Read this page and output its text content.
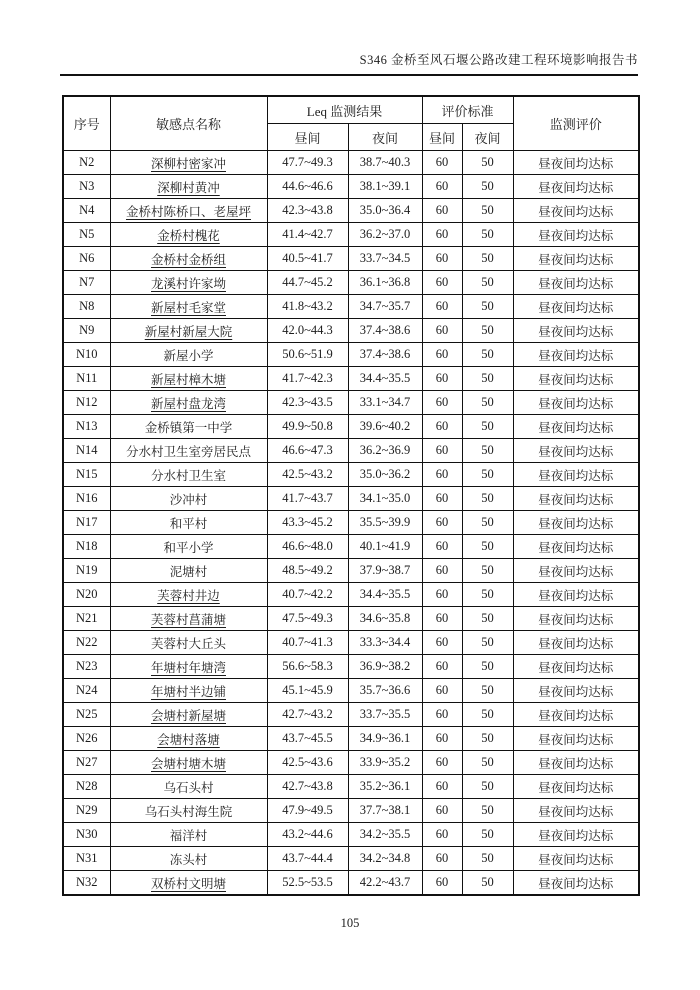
S346 金桥至风石堰公路改建工程环境影响报告书
序号	敏感点名称	Leq 监测结果		评价标准		监测评价
		昼间	夜间	昼间	夜间	
N2	深柳村密家冲	47.7~49.3	38.7~40.3	60	50	昼夜间均达标
N3	深柳村黄冲	44.6~46.6	38.1~39.1	60	50	昼夜间均达标
N4	金桥村陈桥口、老屋坪	42.3~43.8	35.0~36.4	60	50	昼夜间均达标
N5	金桥村槐花	41.4~42.7	36.2~37.0	60	50	昼夜间均达标
N6	金桥村金桥组	40.5~41.7	33.7~34.5	60	50	昼夜间均达标
N7	龙溪村许家坳	44.7~45.2	36.1~36.8	60	50	昼夜间均达标
N8	新屋村毛家堂	41.8~43.2	34.7~35.7	60	50	昼夜间均达标
N9	新屋村新屋大院	42.0~44.3	37.4~38.6	60	50	昼夜间均达标
N10	新屋小学	50.6~51.9	37.4~38.6	60	50	昼夜间均达标
N11	新屋村樟木塘	41.7~42.3	34.4~35.5	60	50	昼夜间均达标
N12	新屋村盘龙湾	42.3~43.5	33.1~34.7	60	50	昼夜间均达标
N13	金桥镇第一中学	49.9~50.8	39.6~40.2	60	50	昼夜间均达标
N14	分水村卫生室旁居民点	46.6~47.3	36.2~36.9	60	50	昼夜间均达标
N15	分水村卫生室	42.5~43.2	35.0~36.2	60	50	昼夜间均达标
N16	沙冲村	41.7~43.7	34.1~35.0	60	50	昼夜间均达标
N17	和平村	43.3~45.2	35.5~39.9	60	50	昼夜间均达标
N18	和平小学	46.6~48.0	40.1~41.9	60	50	昼夜间均达标
N19	泥塘村	48.5~49.2	37.9~38.7	60	50	昼夜间均达标
N20	芙蓉村井边	40.7~42.2	34.4~35.5	60	50	昼夜间均达标
N21	芙蓉村菖蒲塘	47.5~49.3	34.6~35.8	60	50	昼夜间均达标
N22	芙蓉村大丘头	40.7~41.3	33.3~34.4	60	50	昼夜间均达标
N23	年塘村年塘湾	56.6~58.3	36.9~38.2	60	50	昼夜间均达标
N24	年塘村半边铺	45.1~45.9	35.7~36.6	60	50	昼夜间均达标
N25	会塘村新屋塘	42.7~43.2	33.7~35.5	60	50	昼夜间均达标
N26	会塘村落塘	43.7~45.5	34.9~36.1	60	50	昼夜间均达标
N27	会塘村塘木塘	42.5~43.6	33.9~35.2	60	50	昼夜间均达标
N28	乌石头村	42.7~43.8	35.2~36.1	60	50	昼夜间均达标
N29	乌石头村海生院	47.9~49.5	37.7~38.1	60	50	昼夜间均达标
N30	福洋村	43.2~44.6	34.2~35.5	60	50	昼夜间均达标
N31	冻头村	43.7~44.4	34.2~34.8	60	50	昼夜间均达标
N32	双桥村文明塘	52.5~53.5	42.2~43.7	60	50	昼夜间均达标
105
